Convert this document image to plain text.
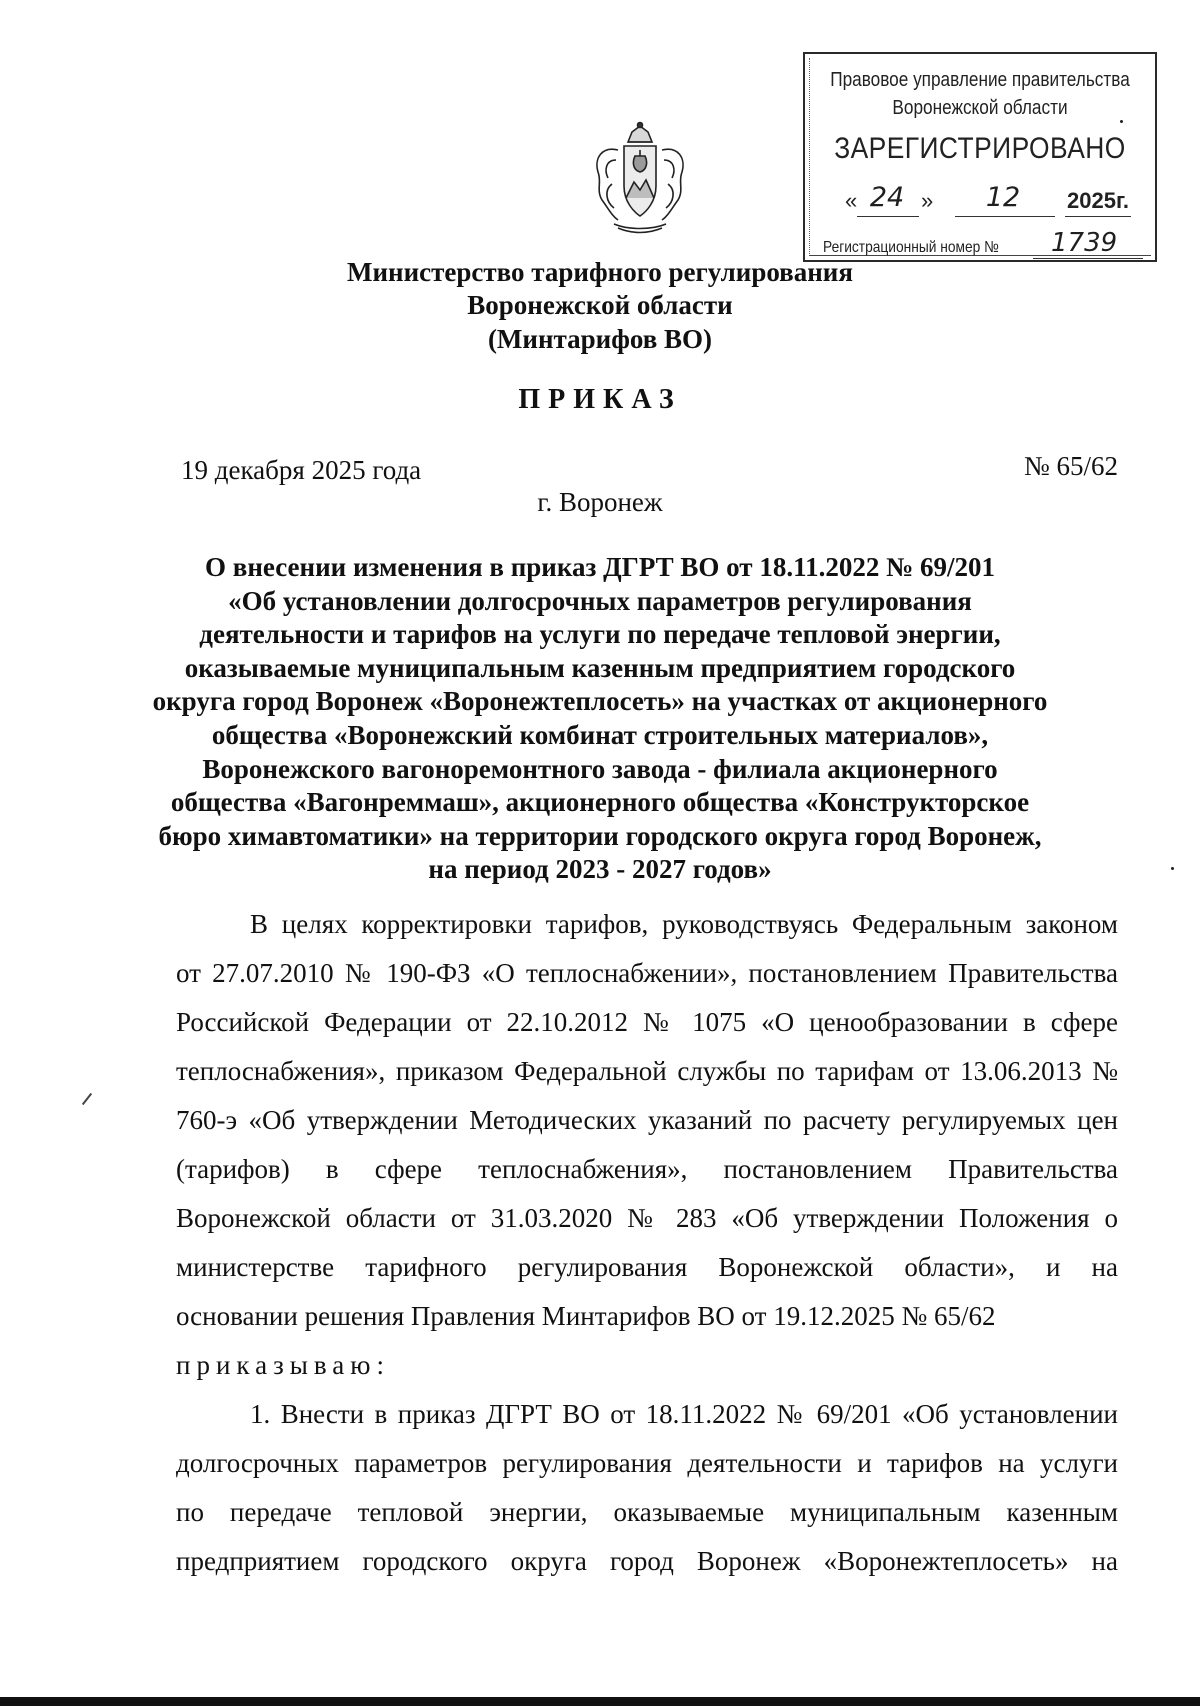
Правовое управление правительства
Воронежской области
ЗАРЕГИСТРИРОВАНО
« 24 »	12	2025г.
Регистрационный номер № 1739
Министерство тарифного регулирования
Воронежской области
(Минтарифов ВО)
ПРИКАЗ
19 декабря 2025 года	№ 65/62
г. Воронеж
О внесении изменения в приказ ДГРТ ВО от 18.11.2022 № 69/201
«Об установлении долгосрочных параметров регулирования
деятельности и тарифов на услуги по передаче тепловой энергии,
оказываемые муниципальным казенным предприятием городского
округа город Воронеж «Воронежтеплосеть» на участках от акционерного
общества «Воронежский комбинат строительных материалов»,
Воронежского вагоноремонтного завода - филиала акционерного
общества «Вагонреммаш», акционерного общества «Конструкторское
бюро химавтоматики» на территории городского округа город Воронеж,
на период 2023 - 2027 годов»
В целях корректировки тарифов, руководствуясь Федеральным законом
от 27.07.2010 № 190-ФЗ «О теплоснабжении», постановлением Правительства
Российской Федерации от 22.10.2012 № 1075 «О ценообразовании в сфере
теплоснабжения», приказом Федеральной службы по тарифам от 13.06.2013 №
760-э «Об утверждении Методических указаний по расчету регулируемых цен
(тарифов) в сфере теплоснабжения», постановлением Правительства
Воронежской области от 31.03.2020 № 283 «Об утверждении Положения о
министерстве тарифного регулирования Воронежской области», и на
основании решения Правления Минтарифов ВО от 19.12.2025 № 65/62
приказываю:
1. Внести в приказ ДГРТ ВО от 18.11.2022 № 69/201 «Об установлении
долгосрочных параметров регулирования деятельности и тарифов на услуги
по передаче тепловой энергии, оказываемые муниципальным казенным
предприятием городского округа город Воронеж «Воронежтеплосеть» на
